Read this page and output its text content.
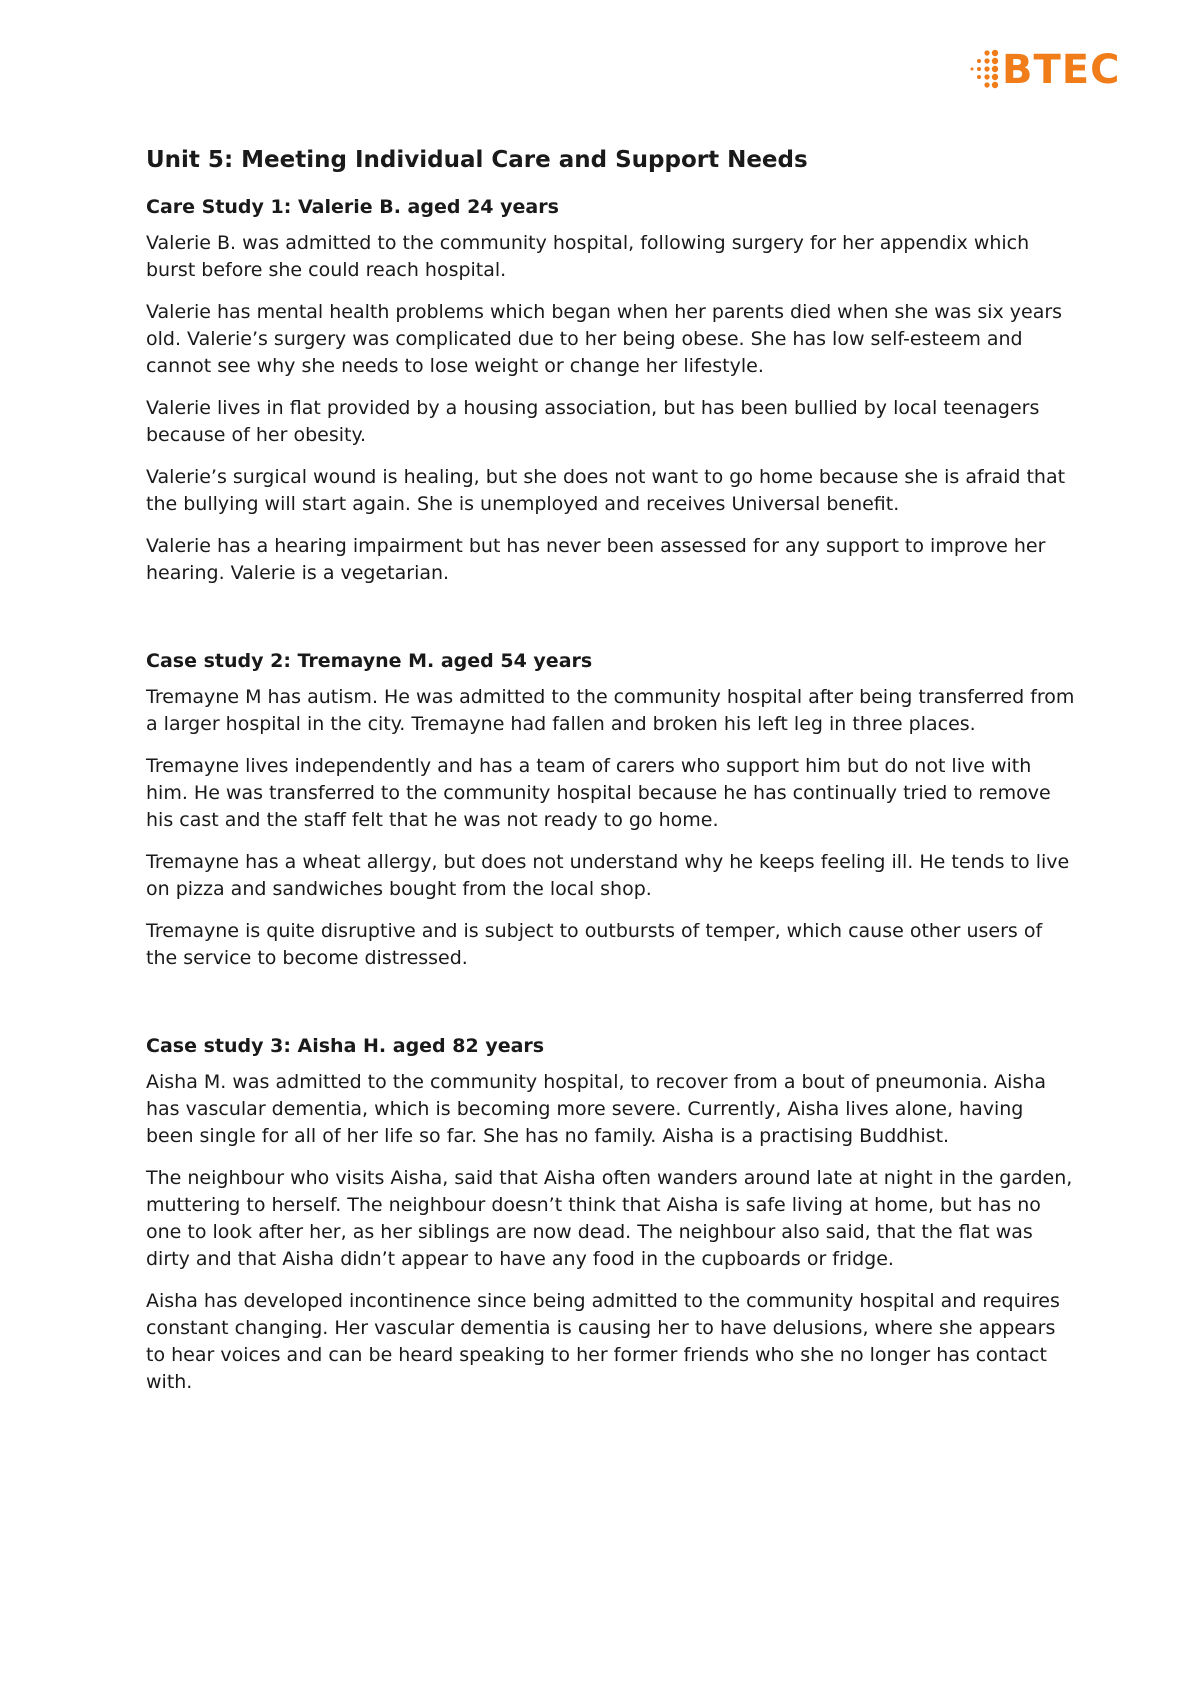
BTEC
Unit 5: Meeting Individual Care and Support Needs
Care Study 1: Valerie B. aged 24 years

Valerie B. was admitted to the community hospital, following surgery for her appendix which burst before she could reach hospital.

Valerie has mental health problems which began when her parents died when she was six years old. Valerie’s surgery was complicated due to her being obese. She has low self-esteem and cannot see why she needs to lose weight or change her lifestyle.

Valerie lives in flat provided by a housing association, but has been bullied by local teenagers because of her obesity.

Valerie’s surgical wound is healing, but she does not want to go home because she is afraid that the bullying will start again. She is unemployed and receives Universal benefit.

Valerie has a hearing impairment but has never been assessed for any support to improve her hearing. Valerie is a vegetarian.

Case study 2: Tremayne M. aged 54 years

Tremayne M has autism. He was admitted to the community hospital after being transferred from a larger hospital in the city. Tremayne had fallen and broken his left leg in three places.

Tremayne lives independently and has a team of carers who support him but do not live with him. He was transferred to the community hospital because he has continually tried to remove his cast and the staff felt that he was not ready to go home.

Tremayne has a wheat allergy, but does not understand why he keeps feeling ill. He tends to live on pizza and sandwiches bought from the local shop.

Tremayne is quite disruptive and is subject to outbursts of temper, which cause other users of the service to become distressed.

Case study 3: Aisha H. aged 82 years

Aisha M. was admitted to the community hospital, to recover from a bout of pneumonia. Aisha has vascular dementia, which is becoming more severe. Currently, Aisha lives alone, having been single for all of her life so far. She has no family. Aisha is a practising Buddhist.

The neighbour who visits Aisha, said that Aisha often wanders around late at night in the garden, muttering to herself. The neighbour doesn’t think that Aisha is safe living at home, but has no one to look after her, as her siblings are now dead. The neighbour also said, that the flat was dirty and that Aisha didn’t appear to have any food in the cupboards or fridge.

Aisha has developed incontinence since being admitted to the community hospital and requires constant changing. Her vascular dementia is causing her to have delusions, where she appears to hear voices and can be heard speaking to her former friends who she no longer has contact with.
